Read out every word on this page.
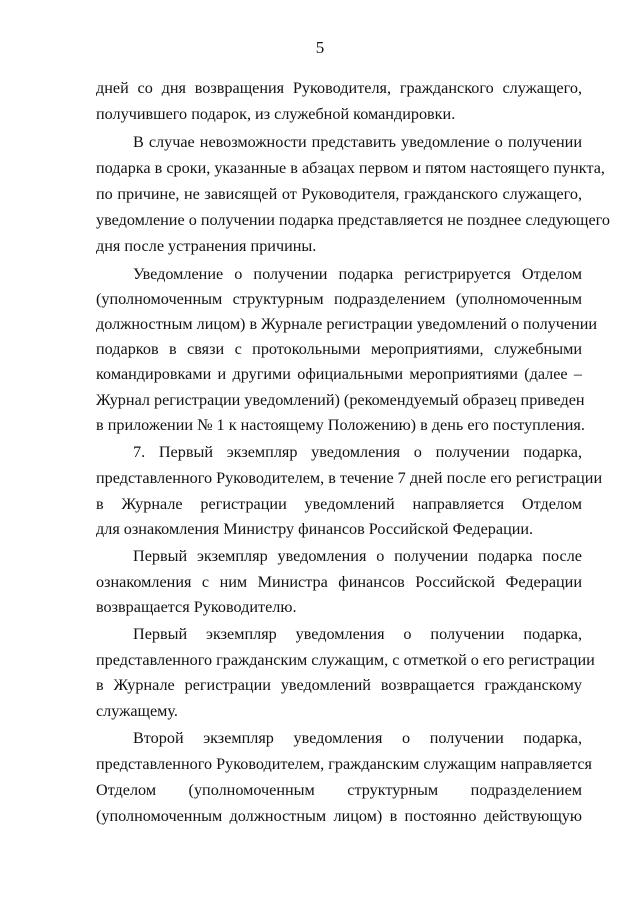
5
дней со дня возвращения Руководителя, гражданского служащего,
получившего подарок, из служебной командировки.
В случае невозможности представить уведомление о получении
подарка в сроки, указанные в абзацах первом и пятом настоящего пункта,
по причине, не зависящей от Руководителя, гражданского служащего,
уведомление о получении подарка представляется не позднее следующего
дня после устранения причины.
Уведомление о получении подарка регистрируется Отделом
(уполномоченным структурным подразделением (уполномоченным
должностным лицом) в Журнале регистрации уведомлений о получении
подарков в связи с протокольными мероприятиями, служебными
командировками и другими официальными мероприятиями (далее –
Журнал регистрации уведомлений) (рекомендуемый образец приведен
в приложении № 1 к настоящему Положению) в день его поступления.
7. Первый экземпляр уведомления о получении подарка,
представленного Руководителем, в течение 7 дней после его регистрации
в Журнале регистрации уведомлений направляется Отделом
для ознакомления Министру финансов Российской Федерации.
Первый экземпляр уведомления о получении подарка после
ознакомления с ним Министра финансов Российской Федерации
возвращается Руководителю.
Первый экземпляр уведомления о получении подарка,
представленного гражданским служащим, с отметкой о его регистрации
в Журнале регистрации уведомлений возвращается гражданскому
служащему.
Второй экземпляр уведомления о получении подарка,
представленного Руководителем, гражданским служащим направляется
Отделом (уполномоченным структурным подразделением
(уполномоченным должностным лицом) в постоянно действующую
